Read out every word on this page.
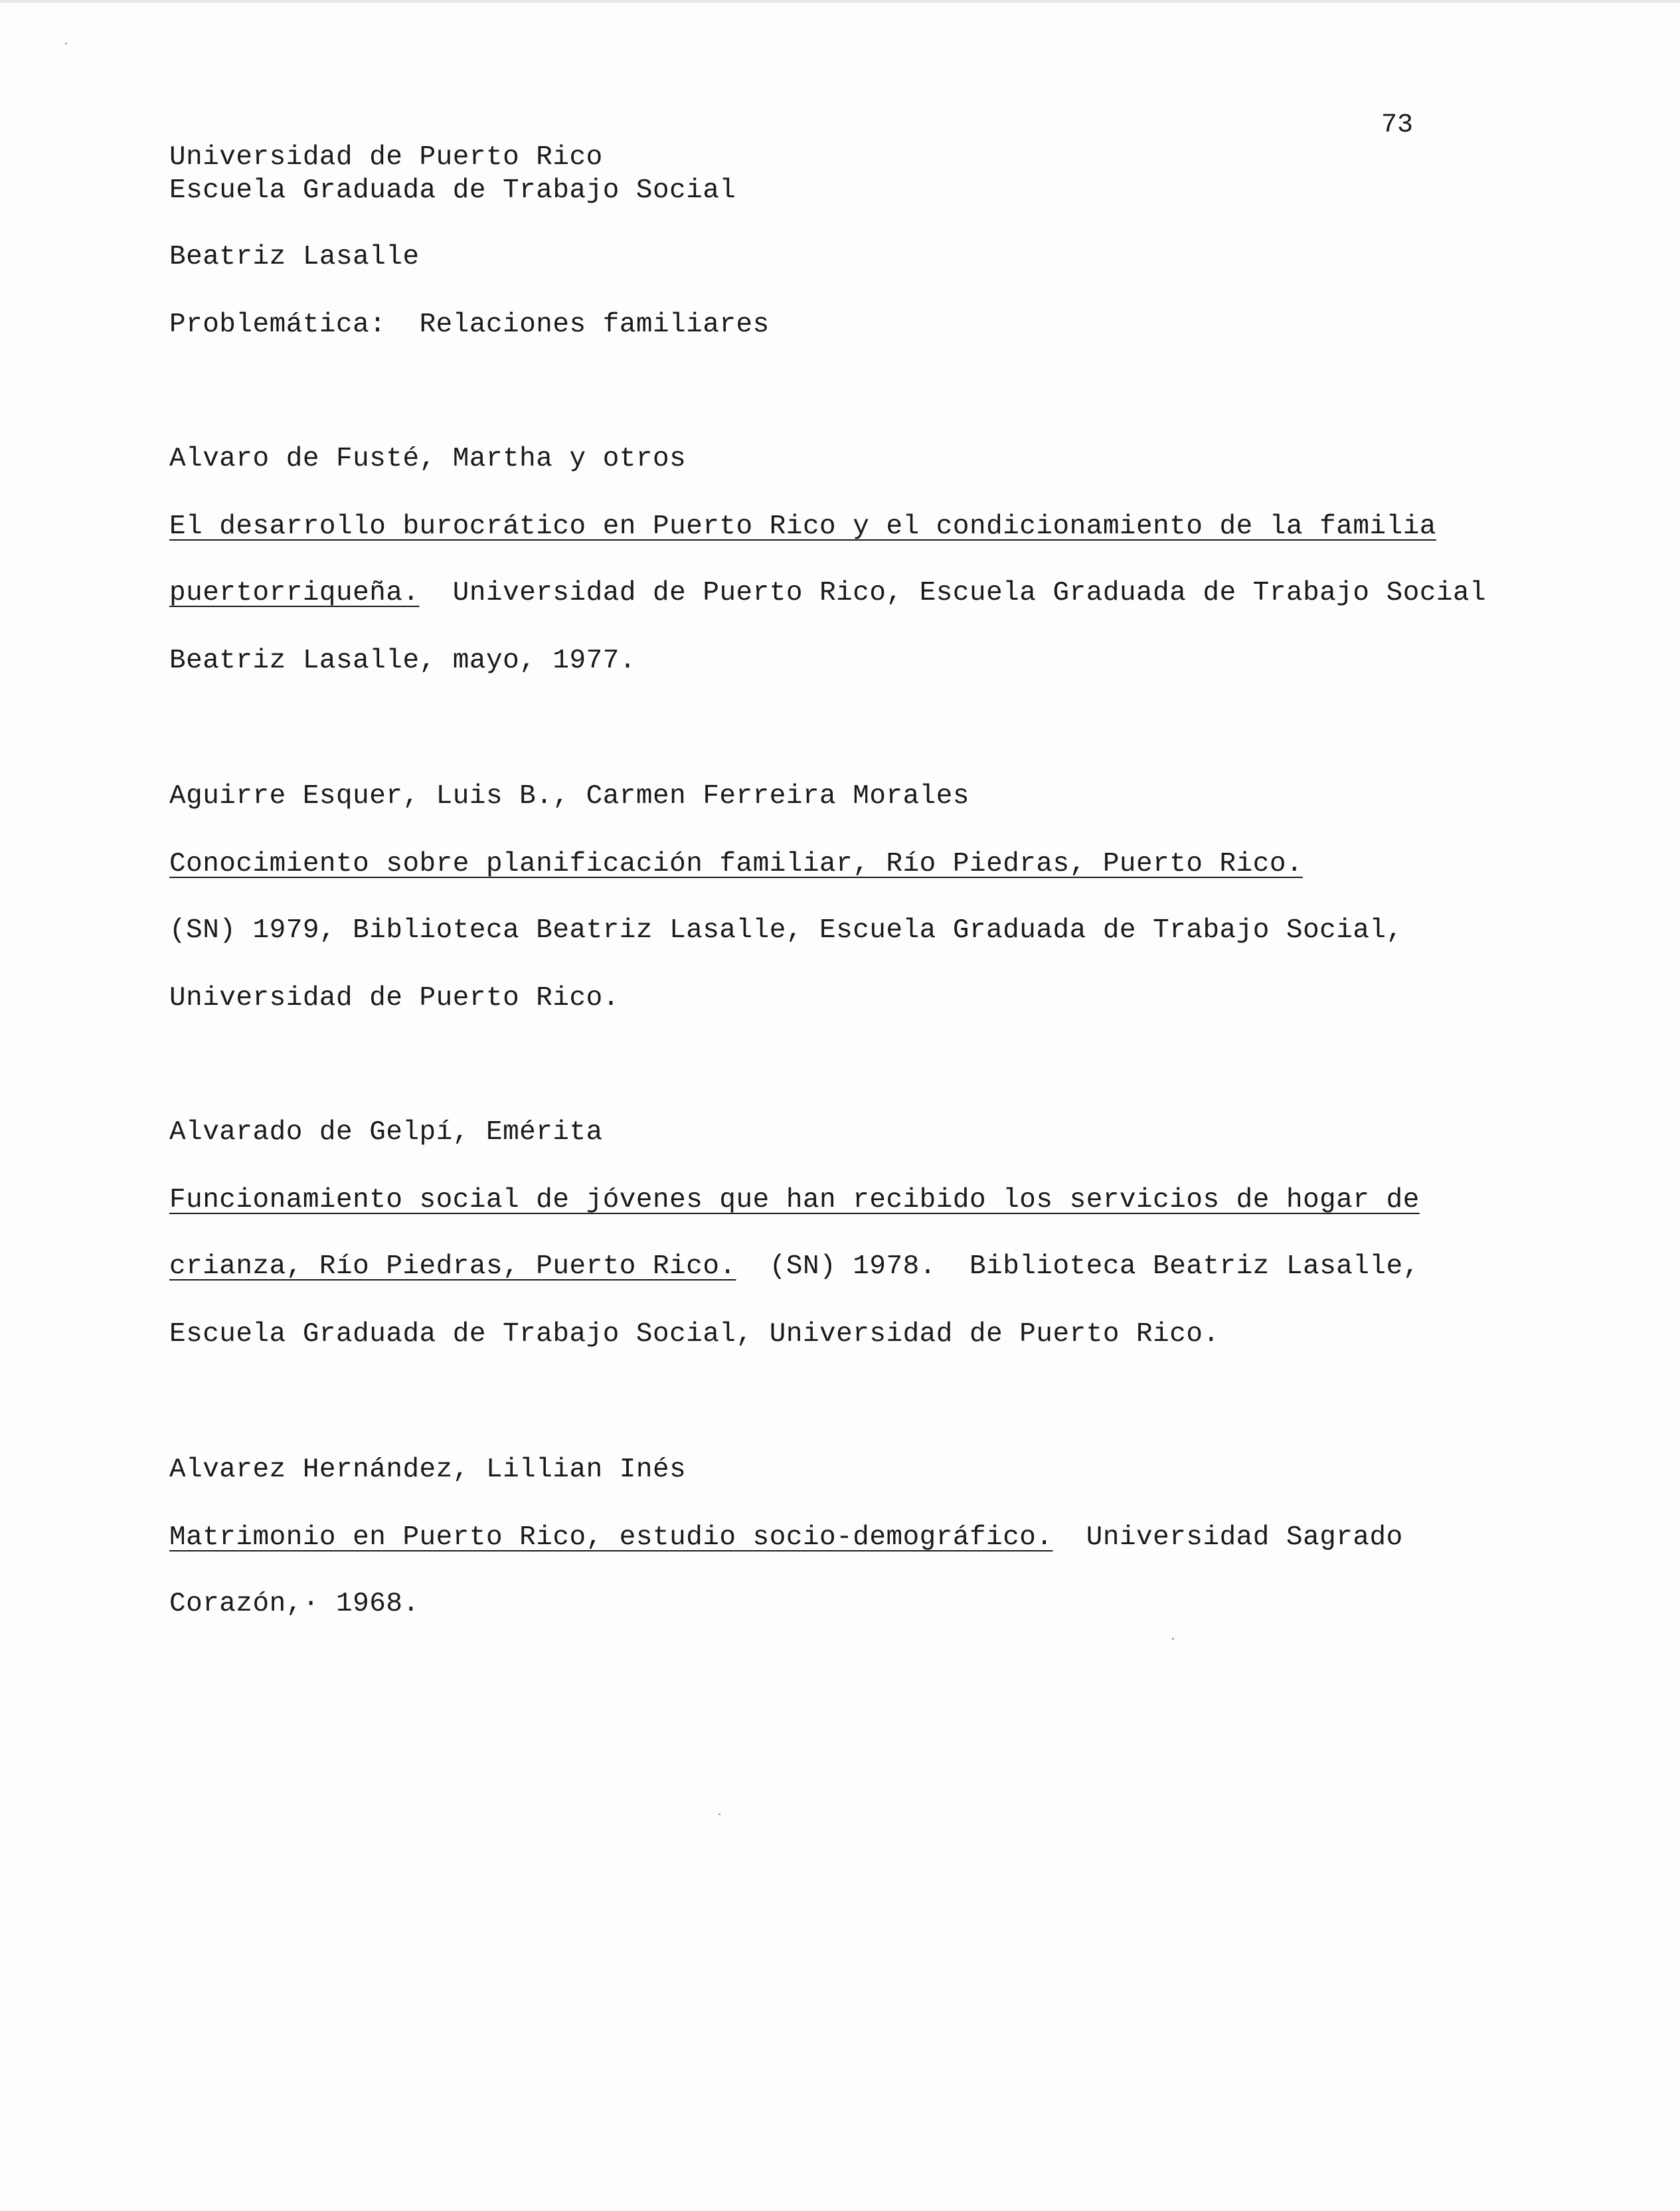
73
Universidad de Puerto Rico
Escuela Graduada de Trabajo Social
Beatriz Lasalle
Problemática: Relaciones familiares
Alvaro de Fusté, Martha y otros
El desarrollo burocrático en Puerto Rico y el condicionamiento de la familia
puertorriqueña. Universidad de Puerto Rico, Escuela Graduada de Trabajo Social
Beatriz Lasalle, mayo, 1977.
Aguirre Esquer, Luis B., Carmen Ferreira Morales
Conocimiento sobre planificación familiar, Río Piedras, Puerto Rico.
(SN) 1979, Biblioteca Beatriz Lasalle, Escuela Graduada de Trabajo Social,
Universidad de Puerto Rico.
Alvarado de Gelpí, Emérita
Funcionamiento social de jóvenes que han recibido los servicios de hogar de
crianza, Río Piedras, Puerto Rico. (SN) 1978.  Biblioteca Beatriz Lasalle,
Escuela Graduada de Trabajo Social, Universidad de Puerto Rico.
Alvarez Hernández, Lillian Inés
Matrimonio en Puerto Rico, estudio socio-demográfico. Universidad Sagrado
Corazón,· 1968.
